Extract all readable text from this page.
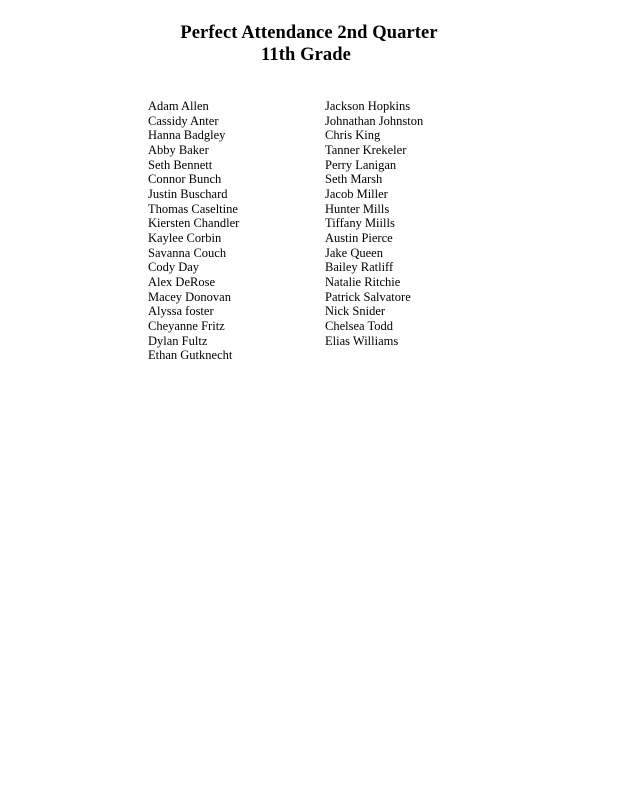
Perfect Attendance 2nd Quarter

11th Grade

Adam Allen
Cassidy Anter
Hanna Badgley
Abby Baker
Seth Bennett
Connor Bunch
Justin Buschard
Thomas Caseltine
Kiersten Chandler
Kaylee Corbin
Savanna Couch
Cody Day
Alex DeRose
Macey Donovan
Alyssa foster
Cheyanne Fritz
Dylan Fultz
Ethan Gutknecht
Jackson Hopkins
Johnathan Johnston
Chris King
Tanner Krekeler
Perry Lanigan
Seth Marsh
Jacob Miller
Hunter Mills
Tiffany Miills
Austin Pierce
Jake Queen
Bailey Ratliff
Natalie Ritchie
Patrick Salvatore
Nick Snider
Chelsea Todd
Elias Williams
